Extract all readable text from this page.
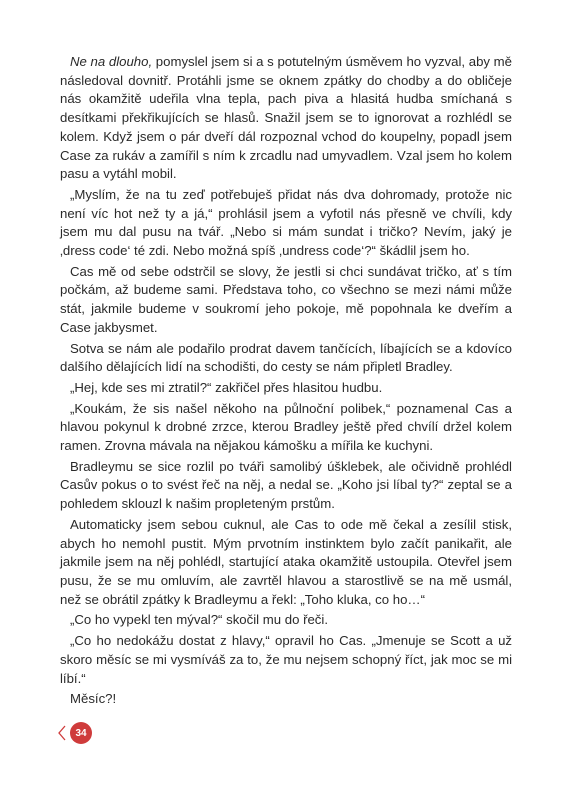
Ne na dlouho, pomyslel jsem si a s potutelným úsměvem ho vyzval, aby mě následoval dovnitř. Protáhli jsme se oknem zpátky do chodby a do obličeje nás okamžitě udeřila vlna tepla, pach piva a hlasitá hudba smíchaná s desítkami překřikujících se hlasů. Snažil jsem se to ignorovat a rozhlédl se kolem. Když jsem o pár dveří dál rozpoznal vchod do koupelny, popadl jsem Case za rukáv a zamířil s ním k zrcadlu nad umyvadlem. Vzal jsem ho kolem pasu a vytáhl mobil.

„Myslím, že na tu zeď potřebuješ přidat nás dva dohromady, protože nic není víc hot než ty a já,“ prohlásil jsem a vyfotil nás přesně ve chvíli, kdy jsem mu dal pusu na tvář. „Nebo si mám sundat i tričko? Nevím, jaký je ‚dress code‘ té zdi. Nebo možná spíš ‚undress code‘?“ škádlil jsem ho.

Cas mě od sebe odstrčil se slovy, že jestli si chci sundávat tričko, ať s tím počkám, až budeme sami. Představa toho, co všechno se mezi námi může stát, jakmile budeme v soukromí jeho pokoje, mě popohnala ke dveřím a Case jakbysmet.

Sotva se nám ale podařilo prodrat davem tančících, líbajících se a kdovíco dalšího dělajících lidí na schodišti, do cesty se nám připletl Bradley.

„Hej, kde ses mi ztratil?“ zakřičel přes hlasitou hudbu.

„Koukám, že sis našel někoho na půlnoční polibek,“ poznamenal Cas a hlavou pokynul k drobné zrzce, kterou Bradley ještě před chvílí držel kolem ramen. Zrovna mávala na nějakou kámošku a mířila ke kuchyni.

Bradleymu se sice rozlil po tváři samolibý úšklebek, ale očividně prohlédl Casův pokus o to svést řeč na něj, a nedal se. „Koho jsi líbal ty?“ zeptal se a pohledem sklouzl k našim propleteným prstům.

Automaticky jsem sebou cuknul, ale Cas to ode mě čekal a zesílil stisk, abych ho nemohl pustit. Mým prvotním instinktem bylo začít panikařit, ale jakmile jsem na něj pohlédl, startující ataka okamžitě ustoupila. Otevřel jsem pusu, že se mu omluvím, ale zavrtěl hlavou a starostlivě se na mě usmál, než se obrátil zpátky k Bradleymu a řekl: „Toho kluka, co ho…“

„Co ho vypekl ten mýval?“ skočil mu do řeči.

„Co ho nedokážu dostat z hlavy,“ opravil ho Cas. „Jmenuje se Scott a už skoro měsíc se mi vysmíváš za to, že mu nejsem schopný říct, jak moc se mi líbí.“

Měsíc?!

34
